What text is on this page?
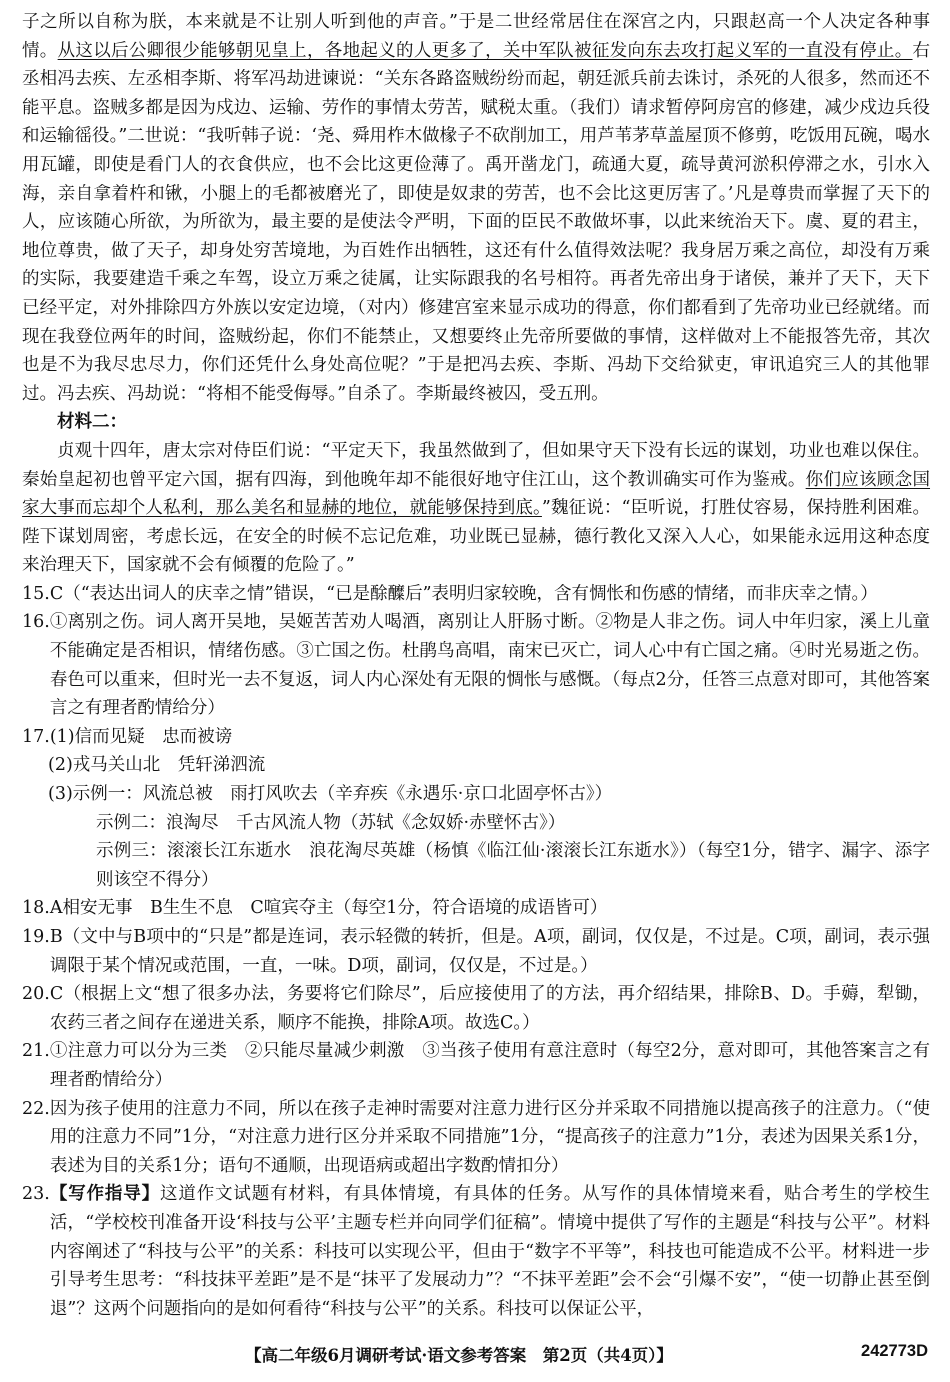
子之所以自称为朕，本来就是不让别人听到他的声音。”于是二世经常居住在深宫之内，只跟赵高一个人决定各种事情。从这以后公卿很少能够朝见皇上，各地起义的人更多了，关中军队被征发向东去攻打起义军的一直没有停止。右丞相冯去疾、左丞相李斯、将军冯劫进谏说：“关东各路盗贼纷纷而起，朝廷派兵前去诛讨，杀死的人很多，然而还不能平息。盗贼多都是因为戍边、运输、劳作的事情太劳苦，赋税太重。（我们）请求暂停阿房宫的修建，减少戍边兵役和运输徭役。”二世说：“我听韩子说：‘尧、舜用柞木做椽子不砍削加工，用芦苇茅草盖屋顶不修剪，吃饭用瓦碗，喝水用瓦罐，即使是看门人的衣食供应，也不会比这更俭薄了。禹开凿龙门，疏通大夏，疏导黄河淤积停滞之水，引水入海，亲自拿着杵和锹，小腿上的毛都被磨光了，即使是奴隶的劳苦，也不会比这更厉害了。’凡是尊贵而掌握了天下的人，应该随心所欲，为所欲为，最主要的是使法令严明，下面的臣民不敢做坏事，以此来统治天下。虞、夏的君主，地位尊贵，做了天子，却身处穷苦境地，为百姓作出牺牲，这还有什么值得效法呢？我身居万乘之高位，却没有万乘的实际，我要建造千乘之车驾，设立万乘之徒属，让实际跟我的名号相符。再者先帝出身于诸侯，兼并了天下，天下已经平定，对外排除四方外族以安定边境，（对内）修建宫室来显示成功的得意，你们都看到了先帝功业已经就绪。而现在我登位两年的时间，盗贼纷起，你们不能禁止，又想要终止先帝所要做的事情，这样做对上不能报答先帝，其次也是不为我尽忠尽力，你们还凭什么身处高位呢？”于是把冯去疾、李斯、冯劫下交给狱吏，审讯追究三人的其他罪过。冯去疾、冯劫说：“将相不能受侮辱。”自杀了。李斯最终被囚，受五刑。

材料二：

贞观十四年，唐太宗对侍臣们说：“平定天下，我虽然做到了，但如果守天下没有长远的谋划，功业也难以保住。秦始皇起初也曾平定六国，据有四海，到他晚年却不能很好地守住江山，这个教训确实可作为鉴戒。你们应该顾念国家大事而忘却个人私利，那么美名和显赫的地位，就能够保持到底。”魏征说：“臣听说，打胜仗容易，保持胜利困难。陛下谋划周密，考虑长远，在安全的时候不忘记危难，功业既已显赫，德行教化又深入人心，如果能永远用这种态度来治理天下，国家就不会有倾覆的危险了。”

15. C（“表达出词人的庆幸之情”错误，“已是酴醾后”表明归家较晚，含有惆怅和伤感的情绪，而非庆幸之情。）
16. ①离别之伤。词人离开吴地，吴姬苦苦劝人喝酒，离别让人肝肠寸断。②物是人非之伤。词人中年归家，溪上儿童不能确定是否相识，情绪伤感。③亡国之伤。杜鹃鸟高唱，南宋已灭亡，词人心中有亡国之痛。④时光易逝之伤。春色可以重来，但时光一去不复返，词人内心深处有无限的惆怅与感慨。（每点2分，任答三点意对即可，其他答案言之有理者酌情给分）
17. (1)信而见疑　忠而被谤
(2)戎马关山北　凭轩涕泗流
(3)示例一：风流总被　雨打风吹去（辛弃疾《永遇乐·京口北固亭怀古》）
示例二：浪淘尽　千古风流人物（苏轼《念奴娇·赤壁怀古》）
示例三：滚滚长江东逝水　浪花淘尽英雄（杨慎《临江仙·滚滚长江东逝水》）（每空1分，错字、漏字、添字则该空不得分）
18. A相安无事　B生生不息　C喧宾夺主（每空1分，符合语境的成语皆可）
19. B（文中与B项中的“只是”都是连词，表示轻微的转折，但是。A项，副词，仅仅是，不过是。C项，副词，表示强调限于某个情况或范围，一直，一味。D项，副词，仅仅是，不过是。）
20. C（根据上文“想了很多办法，务要将它们除尽”，后应接使用了的方法，再介绍结果，排除B、D。手薅，犁锄，农药三者之间存在递进关系，顺序不能换，排除A项。故选C。）
21. ①注意力可以分为三类　②只能尽量减少刺激　③当孩子使用有意注意时（每空2分，意对即可，其他答案言之有理者酌情给分）
22. 因为孩子使用的注意力不同，所以在孩子走神时需要对注意力进行区分并采取不同措施以提高孩子的注意力。（“使用的注意力不同”1分，“对注意力进行区分并采取不同措施”1分，“提高孩子的注意力”1分，表述为因果关系1分，表述为目的关系1分；语句不通顺，出现语病或超出字数酌情扣分）
23. 【写作指导】这道作文试题有材料，有具体情境，有具体的任务。从写作的具体情境来看，贴合考生的学校生活，“学校校刊准备开设‘科技与公平’主题专栏并向同学们征稿”。情境中提供了写作的主题是“科技与公平”。材料内容阐述了“科技与公平”的关系：科技可以实现公平，但由于“数字不平等”，科技也可能造成不公平。材料进一步引导考生思考：“科技抹平差距”是不是“抹平了发展动力”？“不抹平差距”会不会“引爆不安”，“使一切静止甚至倒退”？这两个问题指向的是如何看待“科技与公平”的关系。科技可以保证公平，
【高二年级6月调研考试·语文参考答案　第2页（共4页）】	242773D
